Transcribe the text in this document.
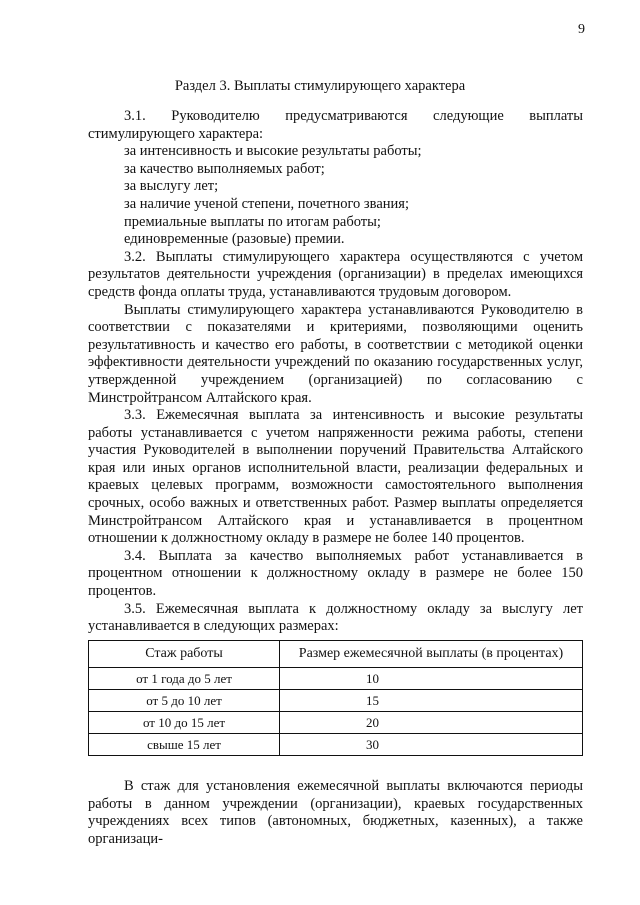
9
Раздел 3. Выплаты стимулирующего характера

3.1. Руководителю предусматриваются следующие выплаты стимулирующего характера:

за интенсивность и высокие результаты работы;

за качество выполняемых работ;

за выслугу лет;

за наличие ученой степени, почетного звания;

премиальные выплаты по итогам работы;

единовременные (разовые) премии.

3.2. Выплаты стимулирующего характера осуществляются с учетом результатов деятельности учреждения (организации) в пределах имеющихся средств фонда оплаты труда, устанавливаются трудовым договором.

Выплаты стимулирующего характера устанавливаются Руководителю в соответствии с показателями и критериями, позволяющими оценить результативность и качество его работы, в соответствии с методикой оценки эффективности деятельности учреждений по оказанию государственных услуг, утвержденной учреждением (организацией) по согласованию с Минстройтрансом Алтайского края.

3.3. Ежемесячная выплата за интенсивность и высокие результаты работы устанавливается с учетом напряженности режима работы, степени участия Руководителей в выполнении поручений Правительства Алтайского края или иных органов исполнительной власти, реализации федеральных и краевых целевых программ, возможности самостоятельного выполнения срочных, особо важных и ответственных работ. Размер выплаты определяется Минстройтрансом Алтайского края и устанавливается в процентном отношении к должностному окладу в размере не более 140 процентов.

3.4. Выплата за качество выполняемых работ устанавливается в процентном отношении к должностному окладу в размере не более 150 процентов.

3.5. Ежемесячная выплата к должностному окладу за выслугу лет устанавливается в следующих размерах:

Стаж работы	Размер ежемесячной выплаты (в процентах)
от 1 года до 5 лет	10
от 5 до 10 лет	15
от 10 до 15 лет	20
свыше 15 лет	30

В стаж для установления ежемесячной выплаты включаются периоды работы в данном учреждении (организации), краевых государственных учреждениях всех типов (автономных, бюджетных, казенных), а также организаци-
